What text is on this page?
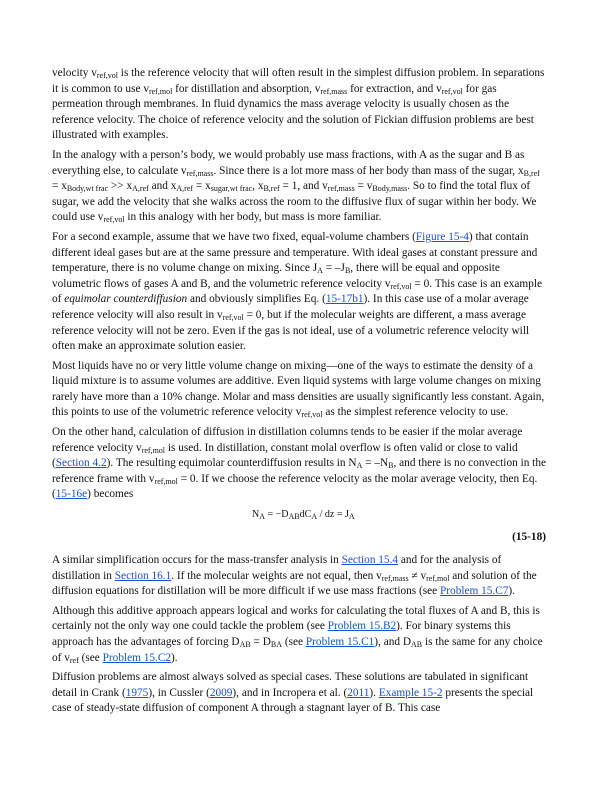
velocity $v_{ref,vol}$ is the reference velocity that will often result in the simplest diffusion problem. In separations it is common to use $v_{ref,mol}$ for distillation and absorption, $v_{ref,mass}$ for extraction, and $v_{ref,vol}$ for gas permeation through membranes. In fluid dynamics the mass average velocity is usually chosen as the reference velocity. The choice of reference velocity and the solution of Fickian diffusion problems are best illustrated with examples.

In the analogy with a person’s body, we would probably use mass fractions, with A as the sugar and B as everything else, to calculate $v_{ref,mass}$. Since there is a lot more mass of her body than mass of the sugar, $x_{B,ref} = x_{Body,wt frac} >> x_{A,ref}$ and $x_{A,ref} = x_{sugar,wt frac}$, $x_{B,ref} = 1$, and $v_{ref,mass} = v_{Body,mass}$. So to find the total flux of sugar, we add the velocity that she walks across the room to the diffusive flux of sugar within her body. We could use $v_{ref,vol}$ in this analogy with her body, but mass is more familiar.

For a second example, assume that we have two fixed, equal-volume chambers (Figure 15-4) that contain different ideal gases but are at the same pressure and temperature. With ideal gases at constant pressure and temperature, there is no volume change on mixing. Since $J_A = -J_B$, there will be equal and opposite volumetric flows of gases A and B, and the volumetric reference velocity $v_{ref,vol} = 0$. This case is an example of equimolar counterdiffusion and obviously simplifies Eq. (15-17b1). In this case use of a molar average reference velocity will also result in $v_{ref,vol} = 0$, but if the molecular weights are different, a mass average reference velocity will not be zero. Even if the gas is not ideal, use of a volumetric reference velocity will often make an approximate solution easier.

Most liquids have no or very little volume change on mixing—one of the ways to estimate the density of a liquid mixture is to assume volumes are additive. Even liquid systems with large volume changes on mixing rarely have more than a 10% change. Molar and mass densities are usually significantly less constant. Again, this points to use of the volumetric reference velocity $v_{ref,vol}$ as the simplest reference velocity to use.

On the other hand, calculation of diffusion in distillation columns tends to be easier if the molar average reference velocity $v_{ref,mol}$ is used. In distillation, constant molal overflow is often valid or close to valid (Section 4.2). The resulting equimolar counterdiffusion results in $N_A = -N_B$, and there is no convection in the reference frame with $v_{ref,mol} = 0$. If we choose the reference velocity as the molar average velocity, then Eq. (15-16e) becomes

$N_A = -D_{AB}dC_A$ / dz = $J_A$
(15-18)

A similar simplification occurs for the mass-transfer analysis in Section 15.4 and for the analysis of distillation in Section 16.1. If the molecular weights are not equal, then $v_{ref,mass} \ne v_{ref,mol}$ and solution of the diffusion equations for distillation will be more difficult if we use mass fractions (see Problem 15.C7).

Although this additive approach appears logical and works for calculating the total fluxes of A and B, this is certainly not the only way one could tackle the problem (see Problem 15.B2). For binary systems this approach has the advantages of forcing $D_{AB} = D_{BA}$ (see Problem 15.C1), and $D_{AB}$ is the same for any choice of $v_{ref}$ (see Problem 15.C2).

Diffusion problems are almost always solved as special cases. These solutions are tabulated in significant detail in Crank (1975), in Cussler (2009), and in Incropera et al. (2011). Example 15-2 presents the special case of steady-state diffusion of component A through a stagnant layer of B. This case
